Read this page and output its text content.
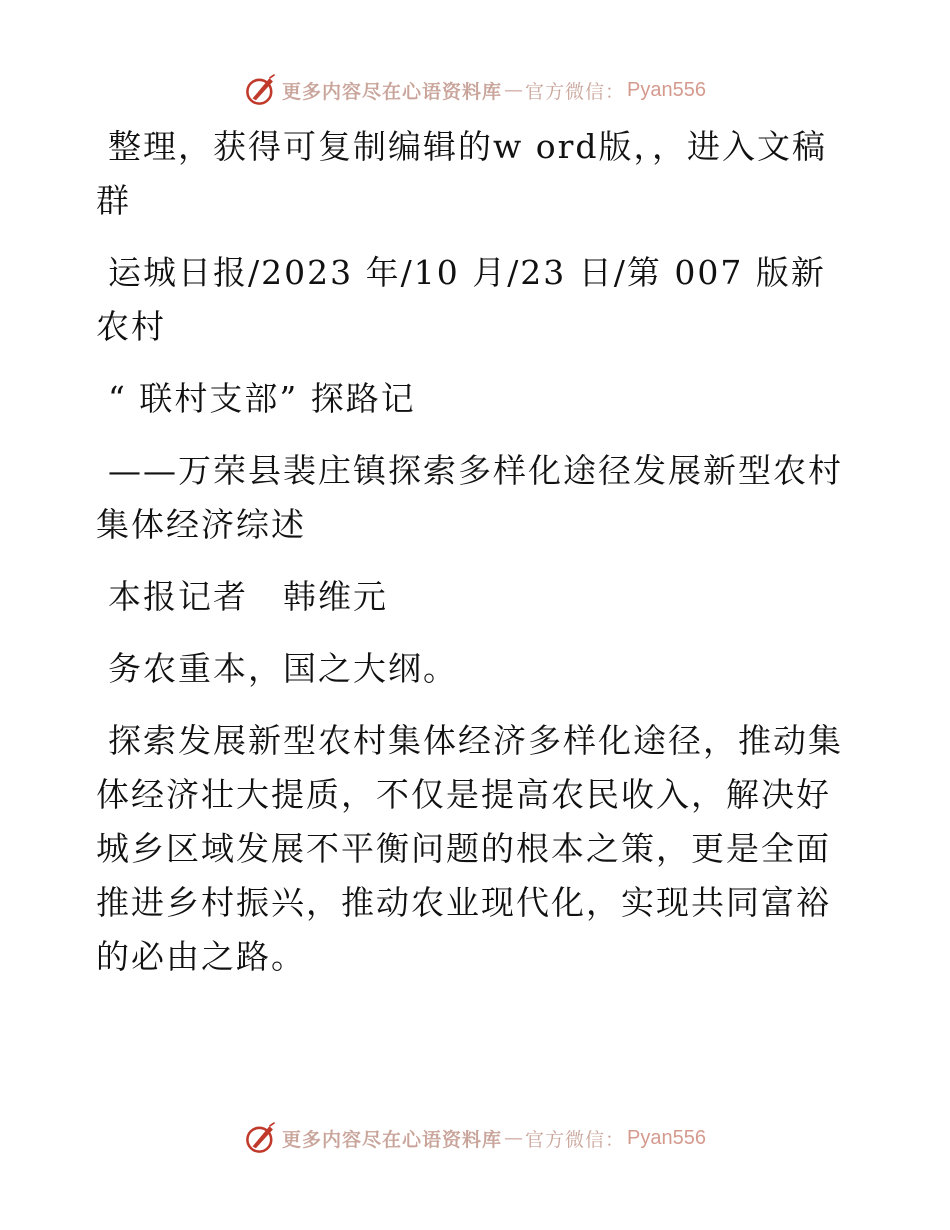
更多内容尽在心语资料库 — 官方微信： Pyan556

整理，获得可复制编辑的w ord版，，进入文稿群

运城日报/2023 年/10 月/23 日/第 007 版新农村

“ 联村支部” 探路记

——万荣县裴庄镇探索多样化途径发展新型农村集体经济综述

本报记者　韩维元

务农重本，国之大纲。

探索发展新型农村集体经济多样化途径，推动集体经济壮大提质，不仅是提高农民收入，解决好城乡区域发展不平衡问题的根本之策，更是全面推进乡村振兴，推动农业现代化，实现共同富裕的必由之路。

更多内容尽在心语资料库 — 官方微信： Pyan556
